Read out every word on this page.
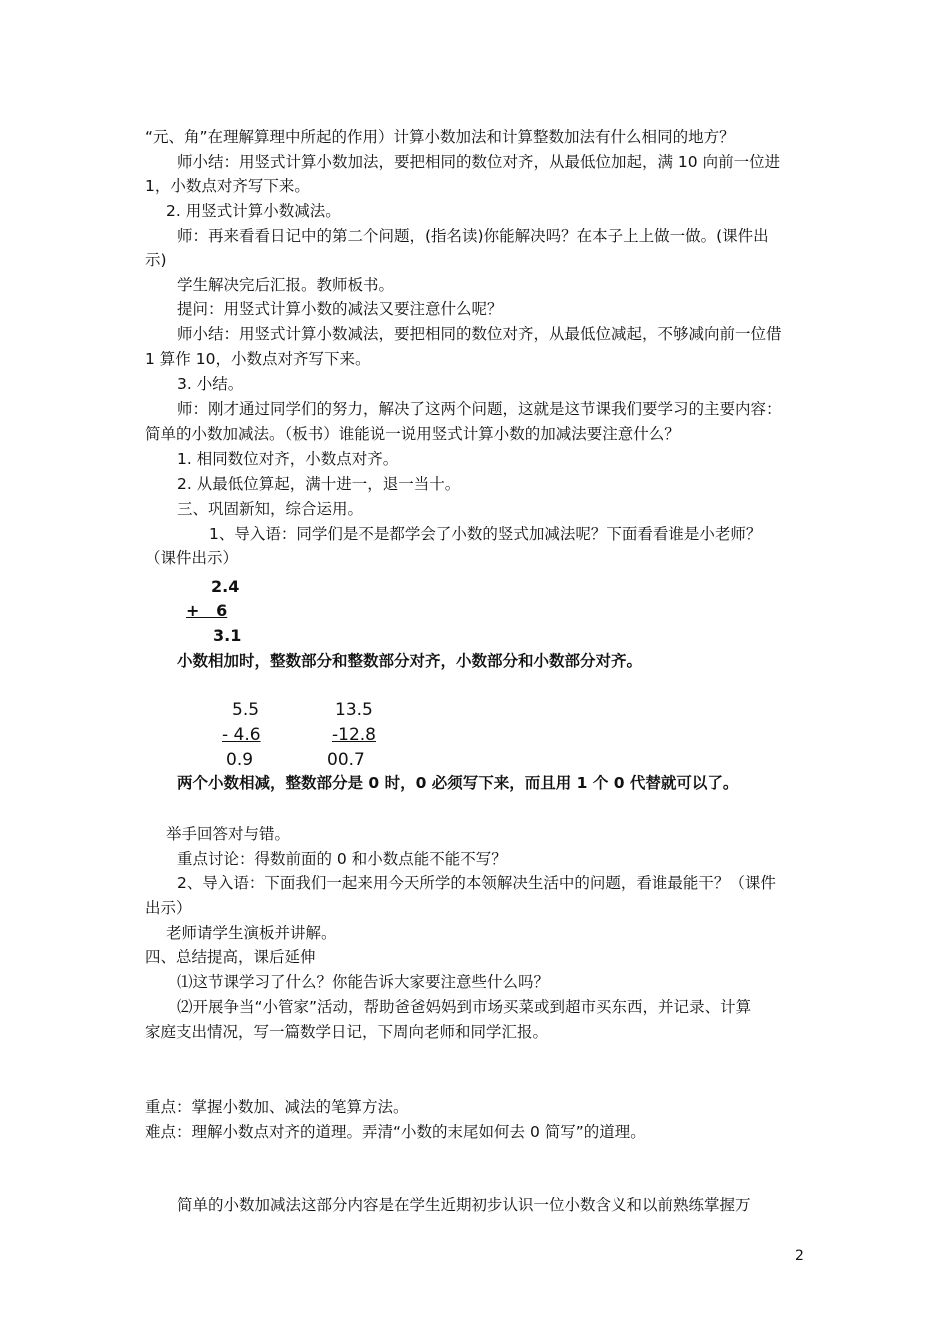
“元、角”在理解算理中所起的作用）计算小数加法和计算整数加法有什么相同的地方？
师小结：用竖式计算小数加法，要把相同的数位对齐，从最低位加起，满 10 向前一位进
1，小数点对齐写下来。
2. 用竖式计算小数减法。
师：再来看看日记中的第二个问题，(指名读)你能解决吗？在本子上上做一做。(课件出
示)
学生解决完后汇报。教师板书。
提问：用竖式计算小数的减法又要注意什么呢？
师小结：用竖式计算小数减法，要把相同的数位对齐，从最低位减起，不够减向前一位借
1 算作 10，小数点对齐写下来。
3. 小结。
师：刚才通过同学们的努力，解决了这两个问题，这就是这节课我们要学习的主要内容：
简单的小数加减法。（板书）谁能说一说用竖式计算小数的加减法要注意什么？
1. 相同数位对齐，小数点对齐。
2. 从最低位算起，满十进一，退一当十。
三、巩固新知，综合运用。
1、导入语：同学们是不是都学会了小数的竖式加减法呢？下面看看谁是小老师？
（课件出示）
2.4
+   6
3.1
小数相加时，整数部分和整数部分对齐，小数部分和小数部分对齐。
5.5
- 4.6
0.9
13.5
-12.8
00.7
两个小数相减，整数部分是 0 时，0 必须写下来，而且用 1 个 0 代替就可以了。
举手回答对与错。
重点讨论：得数前面的 0 和小数点能不能不写？
2、导入语：下面我们一起来用今天所学的本领解决生活中的问题，看谁最能干？（课件
出示）
老师请学生演板并讲解。
四、总结提高，课后延伸
⑴这节课学习了什么？你能告诉大家要注意些什么吗？
⑵开展争当“小管家”活动，帮助爸爸妈妈到市场买菜或到超市买东西，并记录、计算
家庭支出情况，写一篇数学日记，下周向老师和同学汇报。
重点：掌握小数加、减法的笔算方法。
难点：理解小数点对齐的道理。弄清“小数的末尾如何去 0 简写”的道理。
简单的小数加减法这部分内容是在学生近期初步认识一位小数含义和以前熟练掌握万
2
